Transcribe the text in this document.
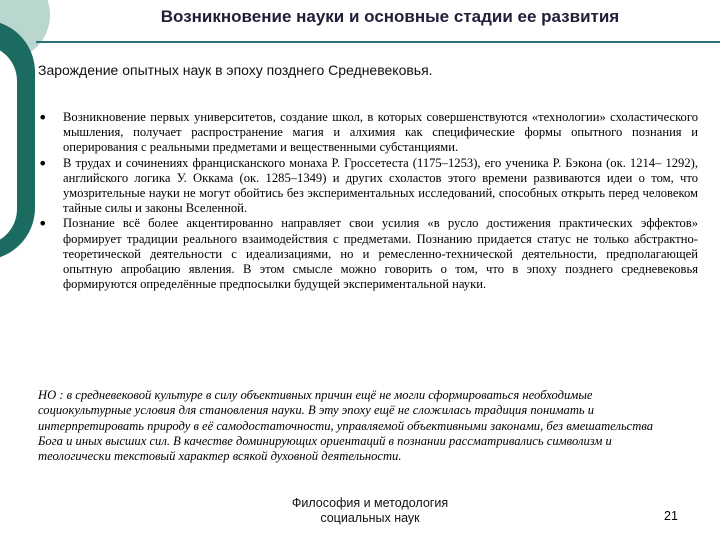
Возникновение науки и основные стадии ее развития
Зарождение опытных наук в эпоху позднего Средневековья.
• Возникновение первых университетов, создание школ, в которых совершенствуются «технологии» схоластического мышления, получает распространение магия и алхимия как специфические формы опытного познания и оперирования с реальными предметами и вещественными субстанциями.
• В трудах и сочинениях францисканского монаха Р. Гроссетеста (1175–1253), его ученика Р. Бэкона (ок. 1214– 1292), английского логика У. Оккама (ок. 1285–1349) и других схоластов этого времени развиваются идеи о том, что умозрительные науки не могут обойтись без экспериментальных исследований, способных открыть перед человеком тайные силы и законы Вселенной.
• Познание всё более акцентированно направляет свои усилия «в русло достижения практических эффектов» формирует традиции реального взаимодействия с предметами. Познанию придается статус не только абстрактно-теоретической деятельности с идеализациями, но и ремесленно-технической деятельности, предполагающей опытную апробацию явления. В этом смысле можно говорить о том, что в эпоху позднего средневековья формируются определённые предпосылки будущей экспериментальной науки.
НО : в средневековой культуре в силу объективных причин ещё не могли сформироваться необходимые социокультурные условия для становления науки. В эту эпоху ещё не сложилась традиция понимать и интерпретировать природу в её самодостаточности, управляемой объективными законами, без вмешательства Бога и иных высших сил. В качестве доминирующих ориентаций в познании рассматривались символизм и теологически текстовый характер всякой духовной деятельности.
Философия и методология социальных наук	21
